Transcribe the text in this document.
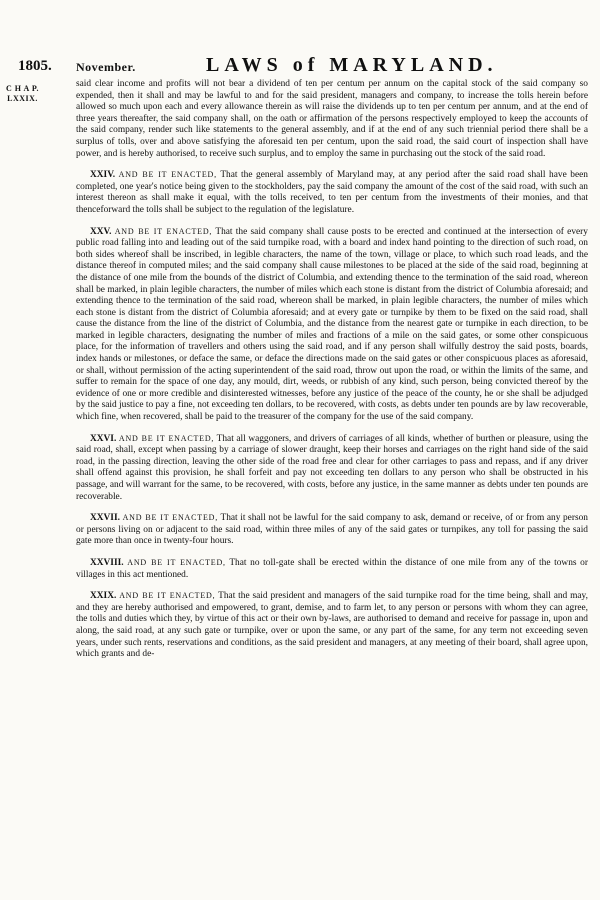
1805. November.	LAWS of MARYLAND.
C H A P.
LXXIX.

said clear income and profits will not bear a dividend of ten per centum per annum on the capital stock of the said company so expended, then it shall and may be lawful to and for the said president, managers and company, to increase the tolls herein before allowed so much upon each and every allowance therein as will raise the dividends up to ten per centum per annum, and at the end of three years thereafter, the said company shall, on the oath or affirmation of the persons respectively employed to keep the accounts of the said company, render such like statements to the general assembly, and if at the end of any such triennial period there shall be a surplus of tolls, over and above satisfying the aforesaid ten per centum, upon the said road, the said court of inspection shall have power, and is hereby authorised, to receive such surplus, and to employ the same in purchasing out the stock of the said road.

XXIV. AND BE IT ENACTED, That the general assembly of Maryland may, at any period after the said road shall have been completed, one year's notice being given to the stockholders, pay the said company the amount of the cost of the said road, with such an interest thereon as shall make it equal, with the tolls received, to ten per centum from the investments of their monies, and that thenceforward the tolls shall be subject to the regulation of the legislature.

XXV. AND BE IT ENACTED, That the said company shall cause posts to be erected and continued at the intersection of every public road falling into and leading out of the said turnpike road, with a board and index hand pointing to the direction of such road, on both sides whereof shall be inscribed, in legible characters, the name of the town, village or place, to which such road leads, and the distance thereof in computed miles; and the said company shall cause milestones to be placed at the side of the said road, beginning at the distance of one mile from the bounds of the district of Columbia, and extending thence to the termination of the said road, whereon shall be marked, in plain legible characters, the number of miles which each stone is distant from the district of Columbia aforesaid; and extending thence to the termination of the said road, whereon shall be marked, in plain legible characters, the number of miles which each stone is distant from the district of Columbia aforesaid; and at every gate or turnpike by them to be fixed on the said road, shall cause the distance from the line of the district of Columbia, and the distance from the nearest gate or turnpike in each direction, to be marked in legible characters, designating the number of miles and fractions of a mile on the said gates, or some other conspicuous place, for the information of travellers and others using the said road, and if any person shall wilfully destroy the said posts, boards, index hands or milestones, or deface the same, or deface the directions made on the said gates or other conspicuous places as aforesaid, or shall, without permission of the acting superintendent of the said road, throw out upon the road, or within the limits of the same, and suffer to remain for the space of one day, any mould, dirt, weeds, or rubbish of any kind, such person, being convicted thereof by the evidence of one or more credible and disinterested witnesses, before any justice of the peace of the county, he or she shall be adjudged by the said justice to pay a fine, not exceeding ten dollars, to be recovered, with costs, as debts under ten pounds are by law recoverable, which fine, when recovered, shall be paid to the treasurer of the company for the use of the said company.

XXVI. AND BE IT ENACTED, That all waggoners, and drivers of carriages of all kinds, whether of burthen or pleasure, using the said road, shall, except when passing by a carriage of slower draught, keep their horses and carriages on the right hand side of the said road, in the passing direction, leaving the other side of the road free and clear for other carriages to pass and repass, and if any driver shall offend against this provision, he shall forfeit and pay not exceeding ten dollars to any person who shall be obstructed in his passage, and will warrant for the same, to be recovered, with costs, before any justice, in the same manner as debts under ten pounds are recoverable.

XXVII. AND BE IT ENACTED, That it shall not be lawful for the said company to ask, demand or receive, of or from any person or persons living on or adjacent to the said road, within three miles of any of the said gates or turnpikes, any toll for passing the said gate more than once in twenty-four hours.

XXVIII. AND BE IT ENACTED, That no toll-gate shall be erected within the distance of one mile from any of the towns or villages in this act mentioned.

XXIX. AND BE IT ENACTED, That the said president and managers of the said turnpike road for the time being, shall and may, and they are hereby authorised and empowered, to grant, demise, and to farm let, to any person or persons with whom they can agree, the tolls and duties which they, by virtue of this act or their own by-laws, are authorised to demand and receive for passage in, upon and along, the said road, at any such gate or turnpike, over or upon the same, or any part of the same, for any term not exceeding seven years, under such rents, reservations and conditions, as the said president and managers, at any meeting of their board, shall agree upon, which grants and de-
